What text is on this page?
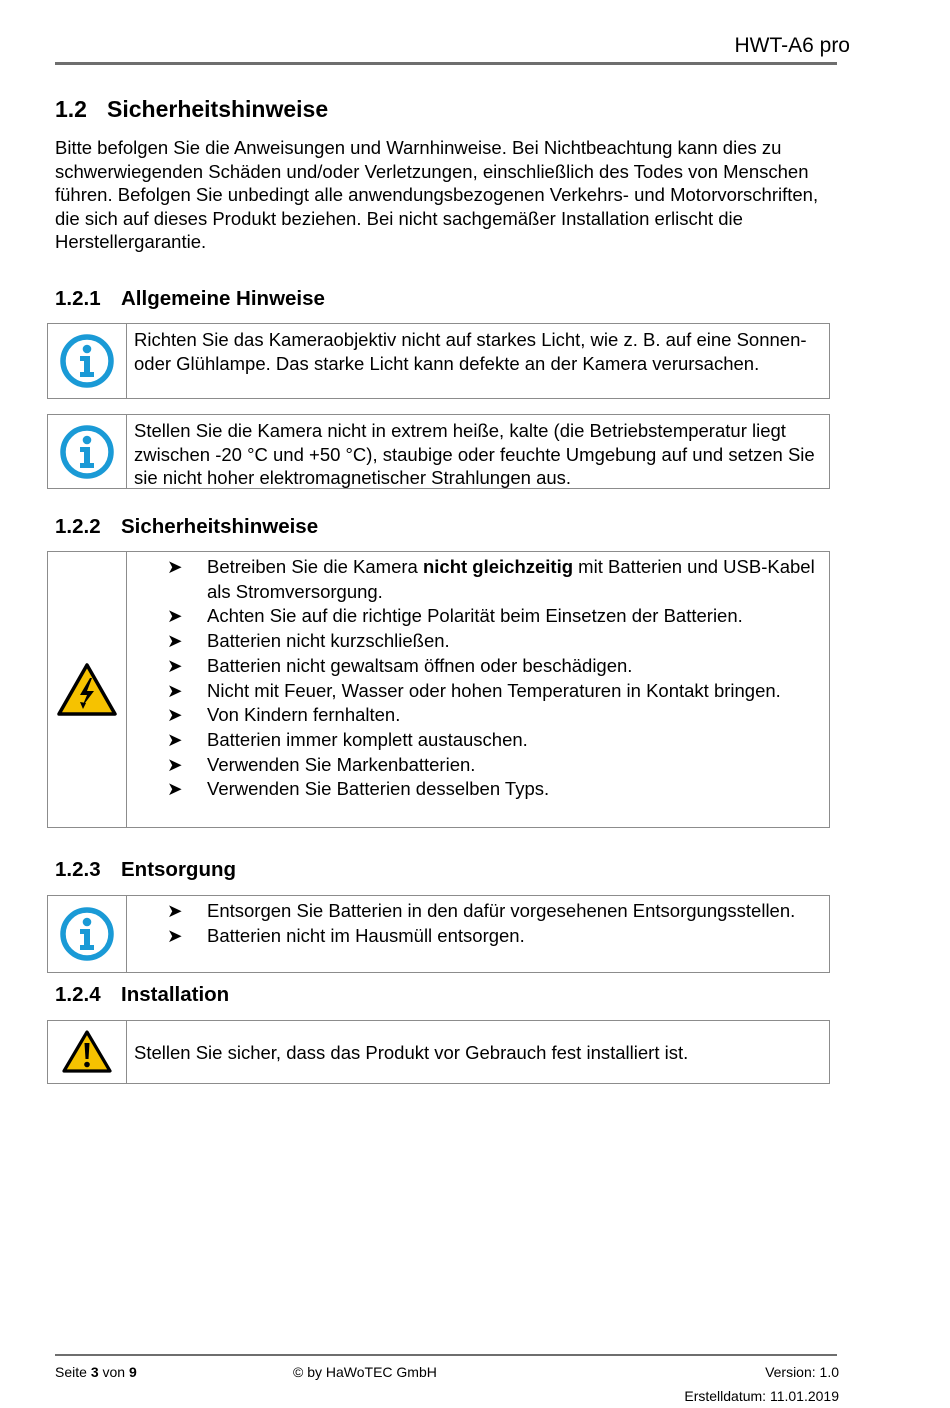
HWT-A6 pro
1.2 Sicherheitshinweise
Bitte befolgen Sie die Anweisungen und Warnhinweise. Bei Nichtbeachtung kann dies zu schwerwiegenden Schäden und/oder Verletzungen, einschließlich des Todes von Menschen führen. Befolgen Sie unbedingt alle anwendungsbezogenen Verkehrs- und Motorvorschriften, die sich auf dieses Produkt beziehen. Bei nicht sachgemäßer Installation erlischt die Herstellergarantie.
1.2.1 Allgemeine Hinweise
Richten Sie das Kameraobjektiv nicht auf starkes Licht, wie z. B. auf eine Sonnen- oder Glühlampe. Das starke Licht kann defekte an der Kamera verursachen.
Stellen Sie die Kamera nicht in extrem heiße, kalte (die Betriebstemperatur liegt zwischen -20 °C und +50 °C), staubige oder feuchte Umgebung auf und setzen Sie sie nicht hoher elektromagnetischer Strahlungen aus.
1.2.2 Sicherheitshinweise
➤ Betreiben Sie die Kamera nicht gleichzeitig mit Batterien und USB-Kabel als Stromversorgung.
➤ Achten Sie auf die richtige Polarität beim Einsetzen der Batterien.
➤ Batterien nicht kurzschließen.
➤ Batterien nicht gewaltsam öffnen oder beschädigen.
➤ Nicht mit Feuer, Wasser oder hohen Temperaturen in Kontakt bringen.
➤ Von Kindern fernhalten.
➤ Batterien immer komplett austauschen.
➤ Verwenden Sie Markenbatterien.
➤ Verwenden Sie Batterien desselben Typs.
1.2.3 Entsorgung
➤ Entsorgen Sie Batterien in den dafür vorgesehenen Entsorgungsstellen.
➤ Batterien nicht im Hausmüll entsorgen.
1.2.4 Installation
Stellen Sie sicher, dass das Produkt vor Gebrauch fest installiert ist.
Seite 3 von 9	© by HaWoTEC GmbH	Version: 1.0
Erstelldatum: 11.01.2019
